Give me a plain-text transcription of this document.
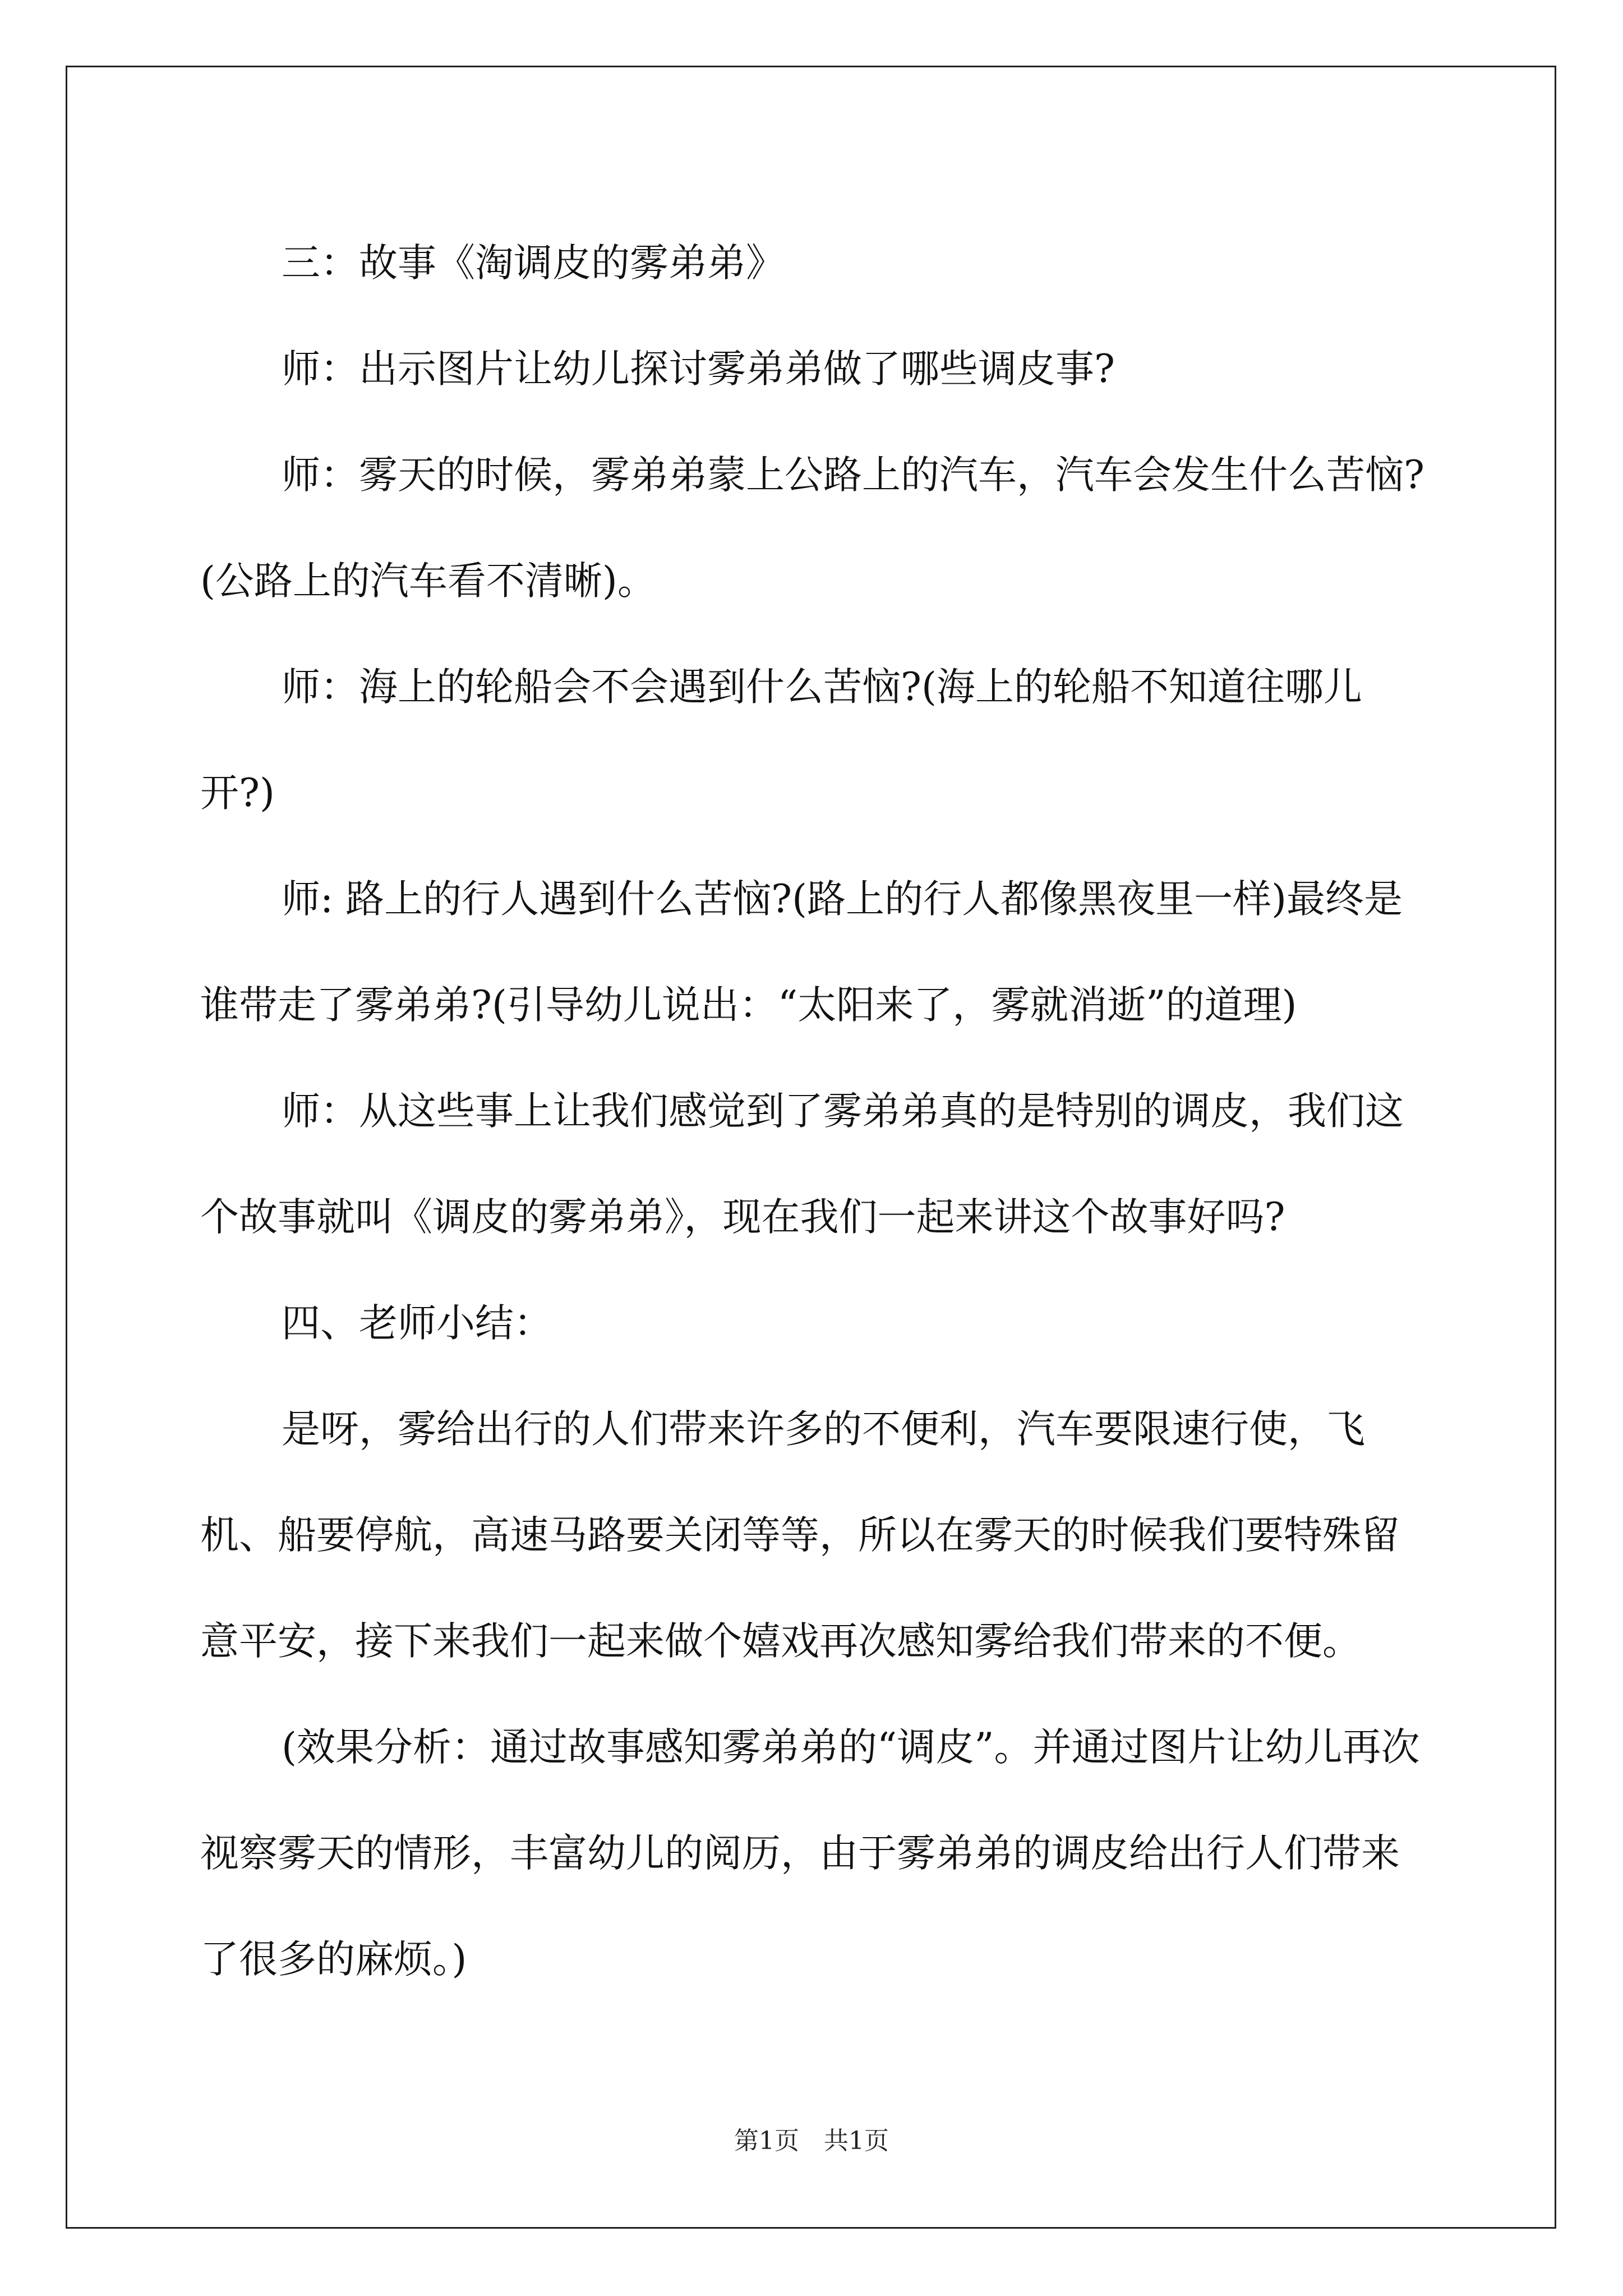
三：故事《淘调皮的雾弟弟》

师：出示图片让幼儿探讨雾弟弟做了哪些调皮事?

师：雾天的时候，雾弟弟蒙上公路上的汽车，汽车会发生什么苦恼?(公路上的汽车看不清晰)。

师：海上的轮船会不会遇到什么苦恼?(海上的轮船不知道往哪儿开?)

师: 路上的行人遇到什么苦恼?(路上的行人都像黑夜里一样)最终是谁带走了雾弟弟?(引导幼儿说出：“太阳来了，雾就消逝”的道理)

师：从这些事上让我们感觉到了雾弟弟真的是特别的调皮，我们这个故事就叫《调皮的雾弟弟》，现在我们一起来讲这个故事好吗?

四、老师小结：

是呀，雾给出行的人们带来许多的不便利，汽车要限速行使，飞机、船要停航，高速马路要关闭等等，所以在雾天的时候我们要特殊留意平安，接下来我们一起来做个嬉戏再次感知雾给我们带来的不便。

(效果分析：通过故事感知雾弟弟的“调皮”。并通过图片让幼儿再次视察雾天的情形，丰富幼儿的阅历，由于雾弟弟的调皮给出行人们带来了很多的麻烦。)

第1页　共1页
